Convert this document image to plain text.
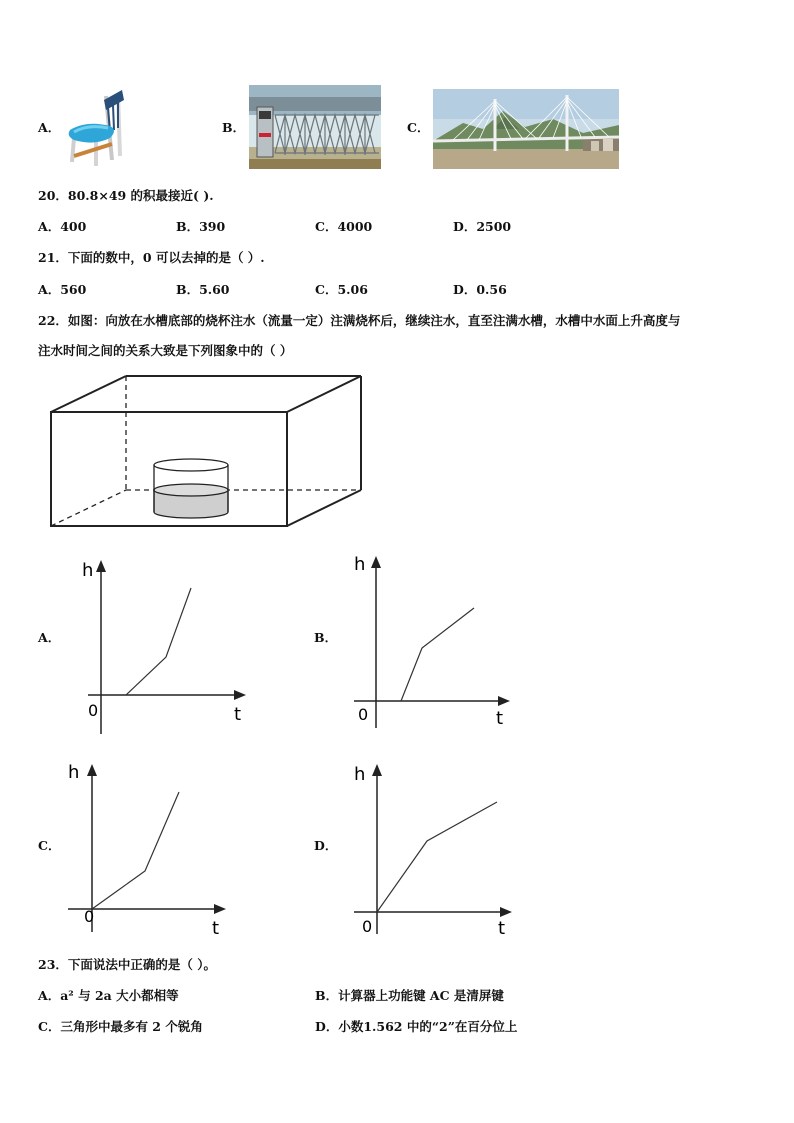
A．	B．	C．
20．80.8×49 的积最接近( ).
A．400	B．390	C．4000	D．2500
21．下面的数中，0 可以去掉的是（ ）.
A．560	B．5.60	C．5.06	D．0.56
22．如图：向放在水槽底部的烧杯注水（流量一定）注满烧杯后，继续注水，直至注满水槽，水槽中水面上升高度与
注水时间之间的关系大致是下列图象中的（ ）
A．
h
t
0
B．
h
t
0
C．
h
t
0
D．
h
t
0
23．下面说法中正确的是（ ）。
A．a² 与 2a 大小都相等	B．计算器上功能键 AC 是清屏键
C．三角形中最多有 2 个锐角	D．小数1.562 中的“2”在百分位上
